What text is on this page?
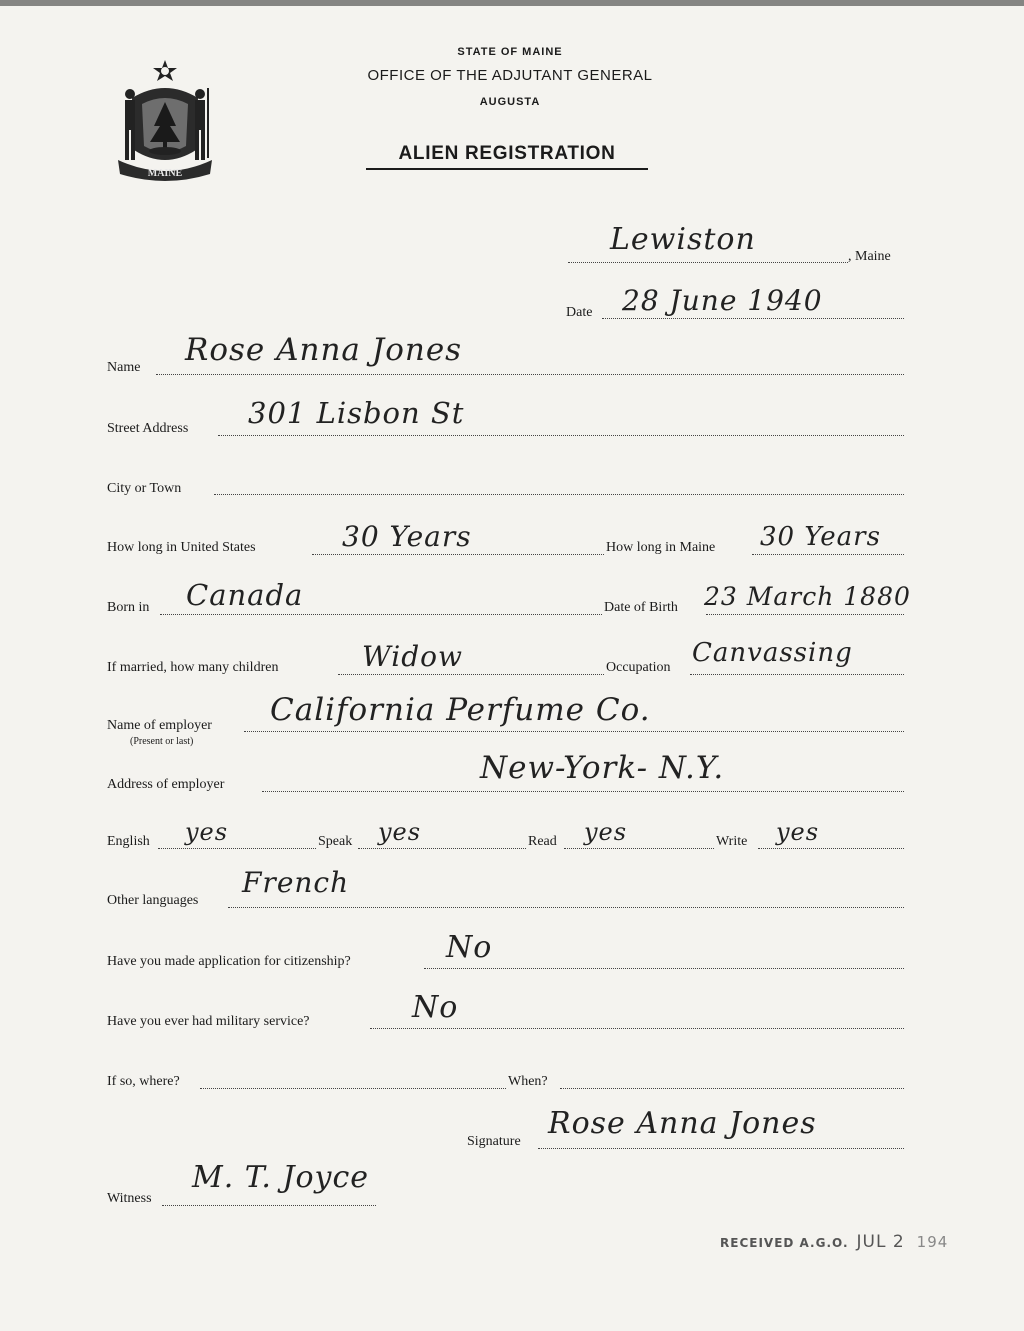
MAINE
STATE OF MAINE
OFFICE OF THE ADJUTANT GENERAL
AUGUSTA
ALIEN REGISTRATION
Lewiston	, Maine
Date 28 June 1940
Name Rose Anna Jones
Street Address 301 Lisbon St
City or Town
How long in United States	30 Years	How long in Maine 30 Years
Born in Canada	Date of Birth 23 March 1880
If married, how many children	Widow	Occupation Canvassing
Name of employer
(Present or last)
California Perfume Co.
Address of employer	New-York- N.Y.
English yes	Speak yes	Read yes	Write yes
Other languages
French
Have you made application for citizenship?	No
Have you ever had military service?	No
If so, where?	When?
Signature
Rose Anna Jones
Witness
M. T. Joyce
RECEIVED A.G.O. JUL 2 194
